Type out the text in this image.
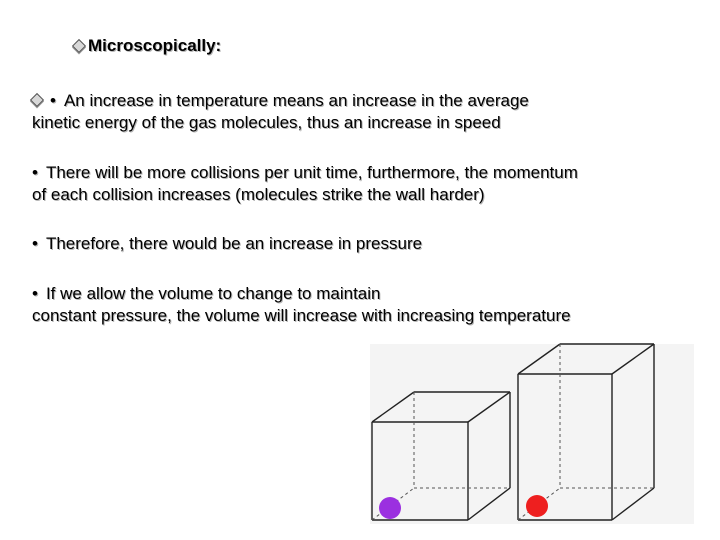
Microscopically:
• An increase in temperature means an increase in the average
kinetic energy of the gas molecules, thus an increase in speed
• There will be more collisions per unit time, furthermore, the momentum
of each collision increases (molecules strike the wall harder)
• Therefore, there would be an increase in pressure
• If we allow the volume to change to maintain
constant pressure, the volume will increase with increasing temperature
